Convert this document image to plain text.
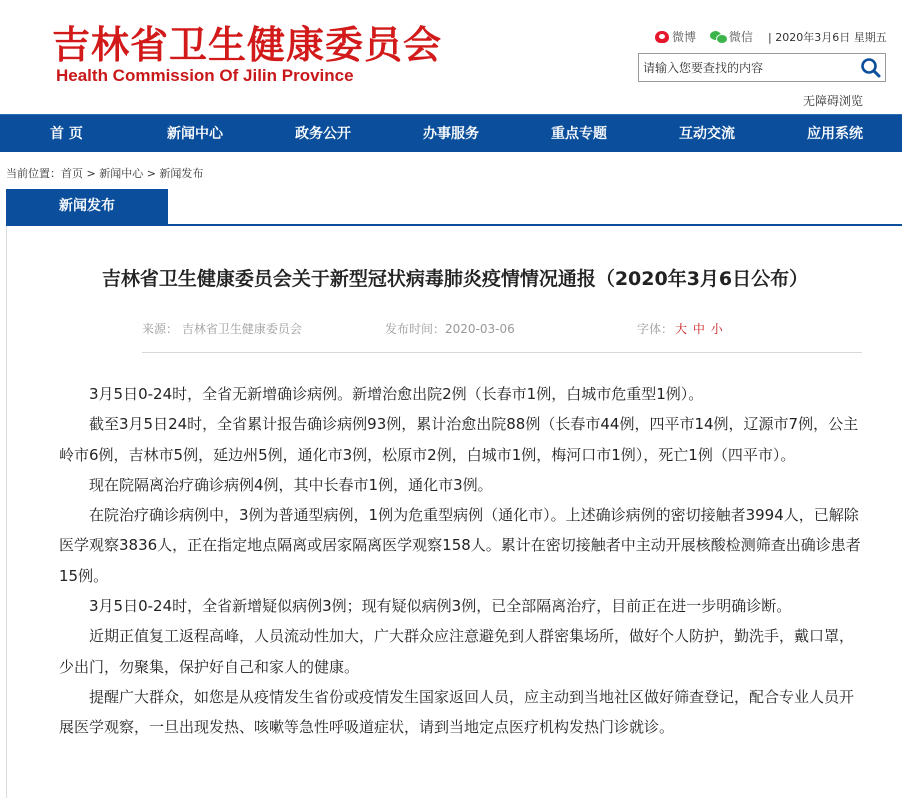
吉林省卫生健康委员会
Health Commission Of Jilin Province
微博	微信 | 2020年3月6日 星期五
请输入您要查找的内容
无障碍浏览
首 页	新闻中心	政务公开	办事服务	重点专题	互动交流	应用系统
当前位置：首页 > 新闻中心 > 新闻发布
新闻发布
吉林省卫生健康委员会关于新型冠状病毒肺炎疫情情况通报（2020年3月6日公布）
来源： 吉林省卫生健康委员会	发布时间：2020-03-06	字体： 大 中 小

3月5日0-24时，全省无新增确诊病例。新增治愈出院2例（长春市1例，白城市危重型1例）。

截至3月5日24时，全省累计报告确诊病例93例，累计治愈出院88例（长春市44例，四平市14例，辽源市7例，公主岭市6例，吉林市5例，延边州5例，通化市3例，松原市2例，白城市1例，梅河口市1例），死亡1例（四平市）。

现在院隔离治疗确诊病例4例，其中长春市1例，通化市3例。

在院治疗确诊病例中，3例为普通型病例，1例为危重型病例（通化市）。上述确诊病例的密切接触者3994人，已解除医学观察3836人，正在指定地点隔离或居家隔离医学观察158人。累计在密切接触者中主动开展核酸检测筛查出确诊患者15例。

3月5日0-24时，全省新增疑似病例3例；现有疑似病例3例，已全部隔离治疗，目前正在进一步明确诊断。

近期正值复工返程高峰，人员流动性加大，广大群众应注意避免到人群密集场所，做好个人防护，勤洗手，戴口罩，少出门，勿聚集，保护好自己和家人的健康。

提醒广大群众，如您是从疫情发生省份或疫情发生国家返回人员，应主动到当地社区做好筛查登记，配合专业人员开展医学观察，一旦出现发热、咳嗽等急性呼吸道症状，请到当地定点医疗机构发热门诊就诊。
